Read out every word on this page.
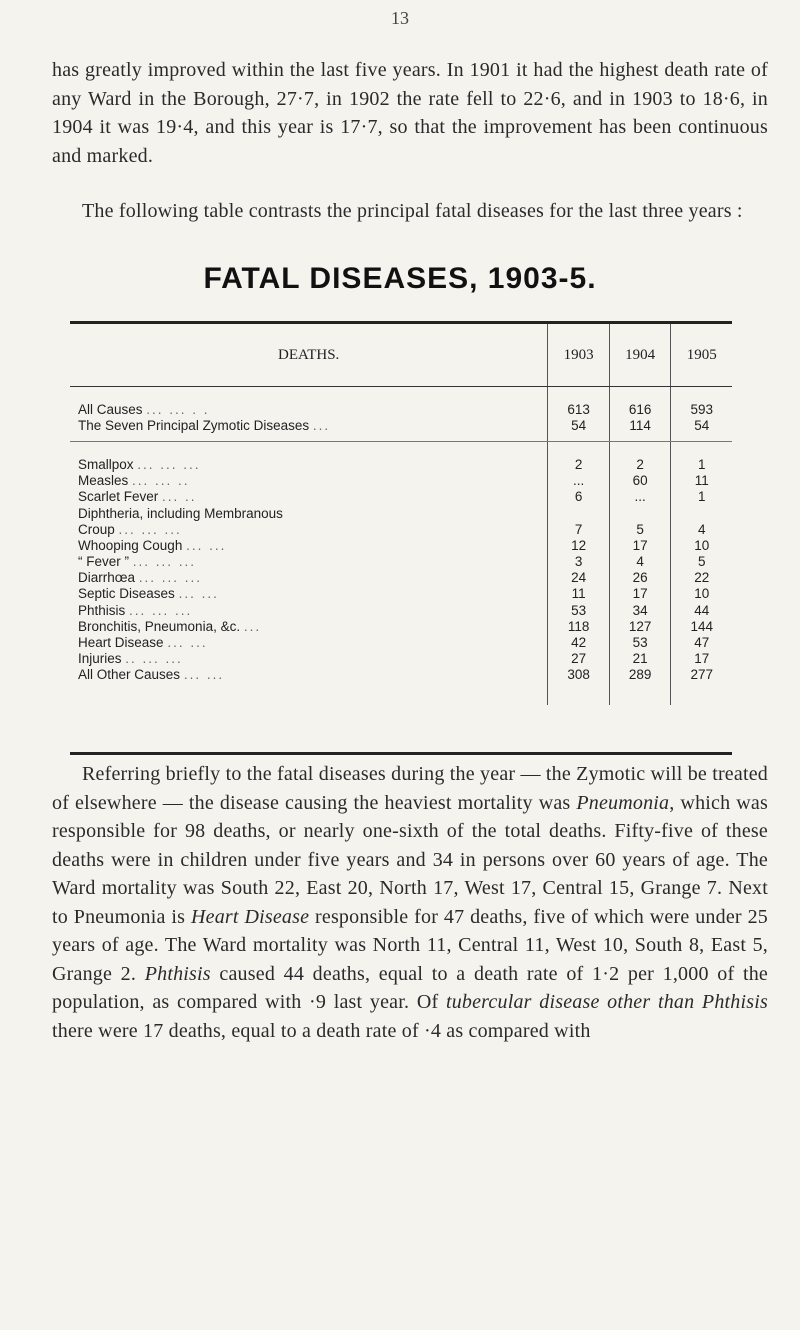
13

has greatly improved within the last five years. In 1901 it had the highest death rate of any Ward in the Borough, 27·7, in 1902 the rate fell to 22·6, and in 1903 to 18·6, in 1904 it was 19·4, and this year is 17·7, so that the improvement has been continuous and marked.

The following table contrasts the principal fatal diseases for the last three years :

FATAL DISEASES, 1903-5.
DEATHS.	1903	1904	1905

All Causes ... ... . .	613	616	593
The Seven Principal Zymotic Diseases ...	54	114	54

Smallpox ... ... ...	2	2	1
Measles ... ... ..	...	60	11
Scarlet Fever ... ..	6	...	1
Diphtheria, including Membranous			
Croup ... ... ...	7	5	4
Whooping Cough ... ...	12	17	10
“ Fever ” ... ... ...	3	4	5
Diarrhœa ... ... ...	24	26	22
Septic Diseases ... ...	11	17	10
Phthisis ... ... ...	53	34	44
Bronchitis, Pneumonia, &c. ...	118	127	144
Heart Disease ... ...	42	53	47
Injuries .. ... ...	27	21	17
All Other Causes ... ...	308	289	277

Referring briefly to the fatal diseases during the year — the Zymotic will be treated of elsewhere — the disease causing the heaviest mortality was Pneumonia, which was responsible for 98 deaths, or nearly one-sixth of the total deaths. Fifty-five of these deaths were in children under five years and 34 in persons over 60 years of age. The Ward mortality was South 22, East 20, North 17, West 17, Central 15, Grange 7. Next to Pneumonia is Heart Disease responsible for 47 deaths, five of which were under 25 years of age. The Ward mortality was North 11, Central 11, West 10, South 8, East 5, Grange 2. Phthisis caused 44 deaths, equal to a death rate of 1·2 per 1,000 of the population, as compared with ·9 last year. Of tubercular disease other than Phthisis there were 17 deaths, equal to a death rate of ·4 as compared with
